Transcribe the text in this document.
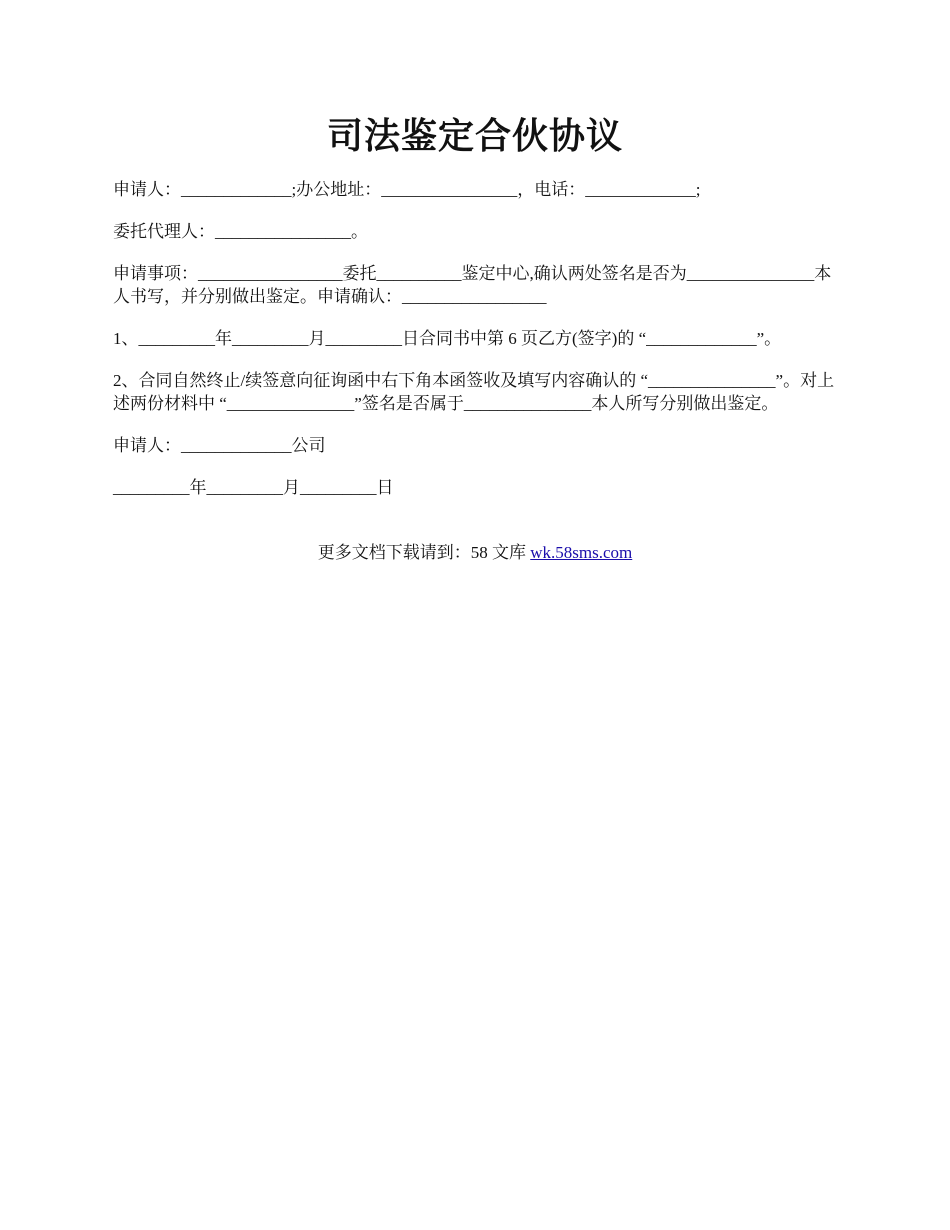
司法鉴定合伙协议

申请人：_____________;办公地址：________________，电话：_____________;

委托代理人：________________。

申请事项：_________________委托__________鉴定中心,确认两处签名是否为_______________本人书写，并分别做出鉴定。申请确认：_________________

1、_________年_________月_________日合同书中第 6 页乙方(签字)的 “_____________”。

2、合同自然终止/续签意向征询函中右下角本函签收及填写内容确认的 “_______________”。对上述两份材料中 “_______________”签名是否属于_______________本人所写分别做出鉴定。

申请人：_____________公司

_________年_________月_________日

更多文档下载请到：58 文库 wk.58sms.com
